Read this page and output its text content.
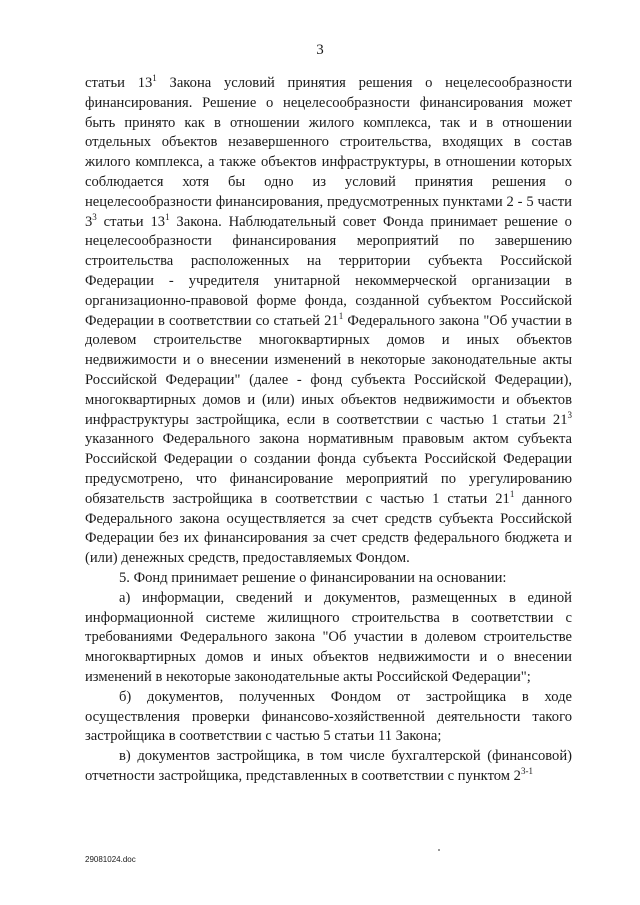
3

статьи $13^1$ Закона условий принятия решения о нецелесообразности финансирования. Решение о нецелесообразности финансирования может быть принято как в отношении жилого комплекса, так и в отношении отдельных объектов незавершенного строительства, входящих в состав жилого комплекса, а также объектов инфраструктуры, в отношении которых соблюдается хотя бы одно из условий принятия решения о нецелесообразности финансирования, предусмотренных пунктами 2 - 5 части $3^3$ статьи $13^1$ Закона. Наблюдательный совет Фонда принимает решение о нецелесообразности финансирования мероприятий по завершению строительства расположенных на территории субъекта Российской Федерации - учредителя унитарной некоммерческой организации в организационно-правовой форме фонда, созданной субъектом Российской Федерации в соответствии со статьей $21^1$ Федерального закона "Об участии в долевом строительстве многоквартирных домов и иных объектов недвижимости и о внесении изменений в некоторые законодательные акты Российской Федерации" (далее - фонд субъекта Российской Федерации), многоквартирных домов и (или) иных объектов недвижимости и объектов инфраструктуры застройщика, если в соответствии с частью 1 статьи $21^3$ указанного Федерального закона нормативным правовым актом субъекта Российской Федерации о создании фонда субъекта Российской Федерации предусмотрено, что финансирование мероприятий по урегулированию обязательств застройщика в соответствии с частью 1 статьи $21^1$ данного Федерального закона осуществляется за счет средств субъекта Российской Федерации без их финансирования за счет средств федерального бюджета и (или) денежных средств, предоставляемых Фондом.

5. Фонд принимает решение о финансировании на основании:

а) информации, сведений и документов, размещенных в единой информационной системе жилищного строительства в соответствии с требованиями Федерального закона "Об участии в долевом строительстве многоквартирных домов и иных объектов недвижимости и о внесении изменений в некоторые законодательные акты Российской Федерации";

б) документов, полученных Фондом от застройщика в ходе осуществления проверки финансово-хозяйственной деятельности такого застройщика в соответствии с частью 5 статьи 11 Закона;

в) документов застройщика, в том числе бухгалтерской (финансовой) отчетности застройщика, представленных в соответствии с пунктом 2$^{3-1}$

29081024.doc
